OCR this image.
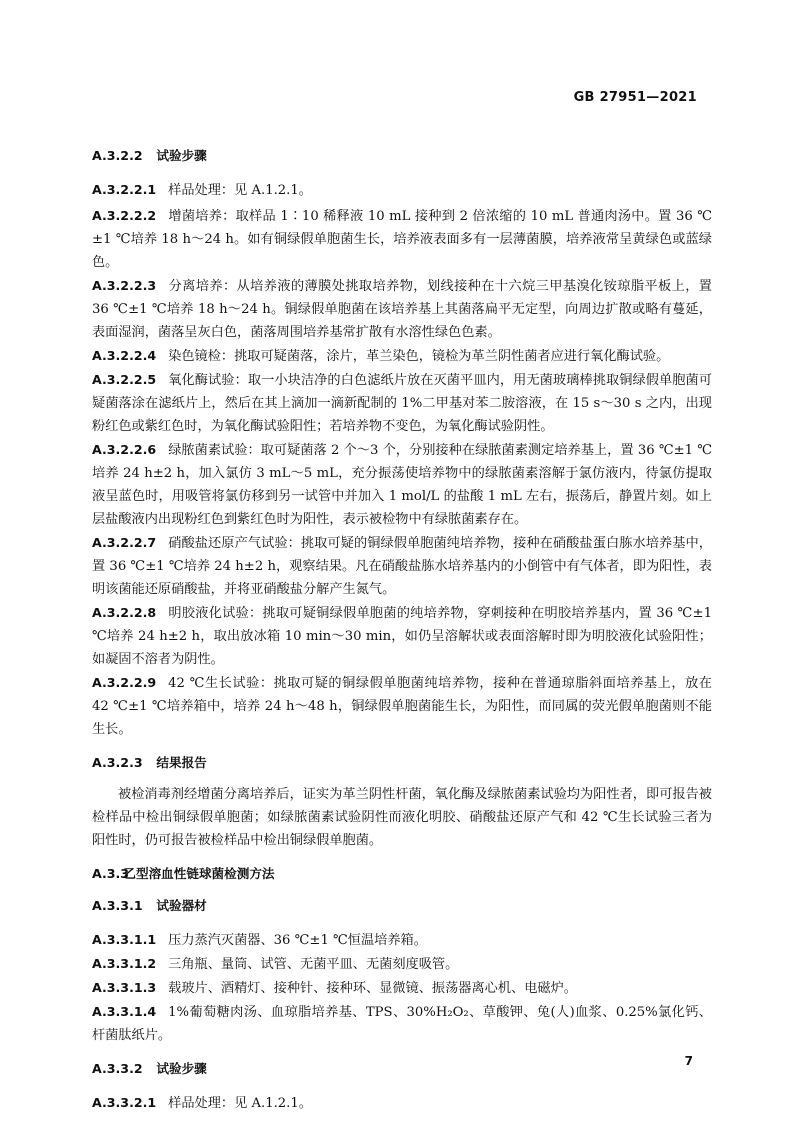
GB 27951—2021
A.3.2.2 试验步骤
A.3.2.2.1 样品处理：见 A.1.2.1。
A.3.2.2.2 增菌培养：取样品 1∶10 稀释液 10 mL 接种到 2 倍浓缩的 10 mL 普通肉汤中。置 36 ℃±1 ℃培养 18 h～24 h。如有铜绿假单胞菌生长，培养液表面多有一层薄菌膜，培养液常呈黄绿色或蓝绿色。
A.3.2.2.3 分离培养：从培养液的薄膜处挑取培养物，划线接种在十六烷三甲基溴化铵琼脂平板上，置 36 ℃±1 ℃培养 18 h～24 h。铜绿假单胞菌在该培养基上其菌落扁平无定型，向周边扩散或略有蔓延，表面湿润，菌落呈灰白色，菌落周围培养基常扩散有水溶性绿色色素。
A.3.2.2.4 染色镜检：挑取可疑菌落，涂片，革兰染色，镜检为革兰阴性菌者应进行氧化酶试验。
A.3.2.2.5 氧化酶试验：取一小块洁净的白色滤纸片放在灭菌平皿内，用无菌玻璃棒挑取铜绿假单胞菌可疑菌落涂在滤纸片上，然后在其上滴加一滴新配制的 1%二甲基对苯二胺溶液，在 15 s～30 s 之内，出现粉红色或紫红色时，为氧化酶试验阳性；若培养物不变色，为氧化酶试验阴性。
A.3.2.2.6 绿脓菌素试验：取可疑菌落 2 个～3 个，分别接种在绿脓菌素测定培养基上，置 36 ℃±1 ℃培养 24 h±2 h，加入氯仿 3 mL～5 mL，充分振荡使培养物中的绿脓菌素溶解于氯仿液内，待氯仿提取液呈蓝色时，用吸管将氯仿移到另一试管中并加入 1 mol/L 的盐酸 1 mL 左右，振荡后，静置片刻。如上层盐酸液内出现粉红色到紫红色时为阳性，表示被检物中有绿脓菌素存在。
A.3.2.2.7 硝酸盐还原产气试验：挑取可疑的铜绿假单胞菌纯培养物，接种在硝酸盐蛋白胨水培养基中，置 36 ℃±1 ℃培养 24 h±2 h，观察结果。凡在硝酸盐胨水培养基内的小倒管中有气体者，即为阳性，表明该菌能还原硝酸盐，并将亚硝酸盐分解产生氮气。
A.3.2.2.8 明胶液化试验：挑取可疑铜绿假单胞菌的纯培养物，穿刺接种在明胶培养基内，置 36 ℃±1 ℃培养 24 h±2 h，取出放冰箱 10 min～30 min，如仍呈溶解状或表面溶解时即为明胶液化试验阳性；如凝固不溶者为阴性。
A.3.2.2.9 42 ℃生长试验：挑取可疑的铜绿假单胞菌纯培养物，接种在普通琼脂斜面培养基上，放在 42 ℃±1 ℃培养箱中，培养 24 h～48 h，铜绿假单胞菌能生长，为阳性，而同属的荧光假单胞菌则不能生长。
A.3.2.3 结果报告
被检消毒剂经增菌分离培养后，证实为革兰阴性杆菌，氧化酶及绿脓菌素试验均为阳性者，即可报告被检样品中检出铜绿假单胞菌；如绿脓菌素试验阴性而液化明胶、硝酸盐还原产气和 42 ℃生长试验三者为阳性时，仍可报告被检样品中检出铜绿假单胞菌。
A.3.3 乙型溶血性链球菌检测方法
A.3.3.1 试验器材
A.3.3.1.1 压力蒸汽灭菌器、36 ℃±1 ℃恒温培养箱。
A.3.3.1.2 三角瓶、量筒、试管、无菌平皿、无菌刻度吸管。
A.3.3.1.3 载玻片、酒精灯、接种针、接种环、显微镜、振荡器离心机、电磁炉。
A.3.3.1.4 1%葡萄糖肉汤、血琼脂培养基、TPS、30%H₂O₂、草酸钾、兔(人)血浆、0.25%氯化钙、杆菌肽纸片。
A.3.3.2 试验步骤
A.3.3.2.1 样品处理：见 A.1.2.1。
7
